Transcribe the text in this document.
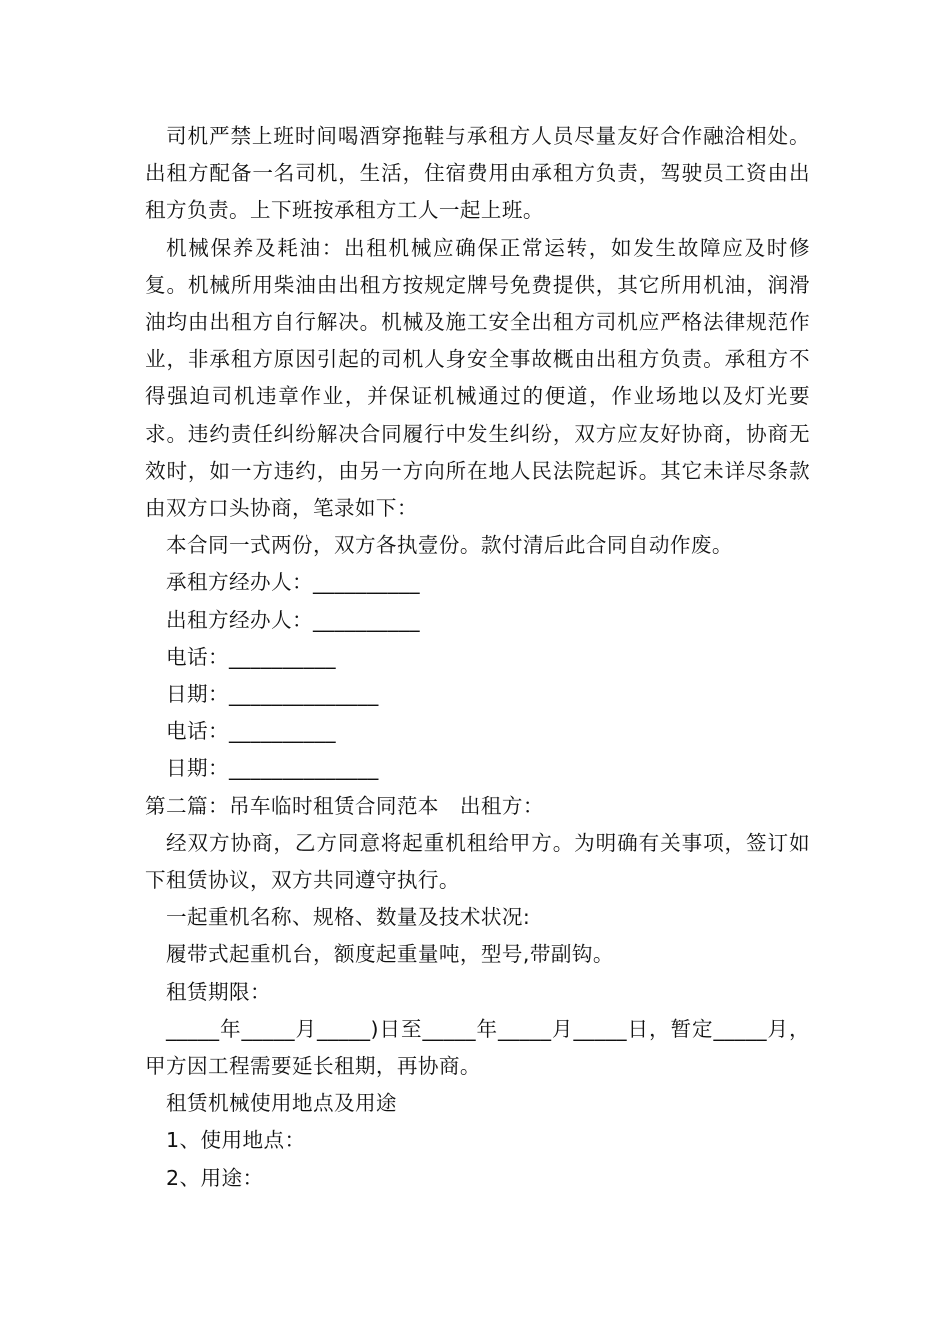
司机严禁上班时间喝酒穿拖鞋与承租方人员尽量友好合作融洽相处。出租方配备一名司机，生活，住宿费用由承租方负责，驾驶员工资由出租方负责。上下班按承租方工人一起上班。

机械保养及耗油：出租机械应确保正常运转，如发生故障应及时修复。机械所用柴油由出租方按规定牌号免费提供，其它所用机油，润滑油均由出租方自行解决。机械及施工安全出租方司机应严格法律规范作业，非承租方原因引起的司机人身安全事故概由出租方负责。承租方不得强迫司机违章作业，并保证机械通过的便道，作业场地以及灯光要求。违约责任纠纷解决合同履行中发生纠纷，双方应友好协商，协商无效时，如一方违约，由另一方向所在地人民法院起诉。其它未详尽条款由双方口头协商，笔录如下：

本合同一式两份，双方各执壹份。款付清后此合同自动作废。

承租方经办人：__________

出租方经办人：__________

电话：__________

日期：______________

电话：__________

日期：______________

第二篇：吊车临时租赁合同范本　出租方：

经双方协商，乙方同意将起重机租给甲方。为明确有关事项，签订如下租赁协议，双方共同遵守执行。

一起重机名称、规格、数量及技术状况:

履带式起重机台，额度起重量吨，型号,带副钩。

租赁期限：

_____年_____月_____)日至_____年_____月_____日，暂定_____月，甲方因工程需要延长租期，再协商。

租赁机械使用地点及用途

1、使用地点：

2、用途：
